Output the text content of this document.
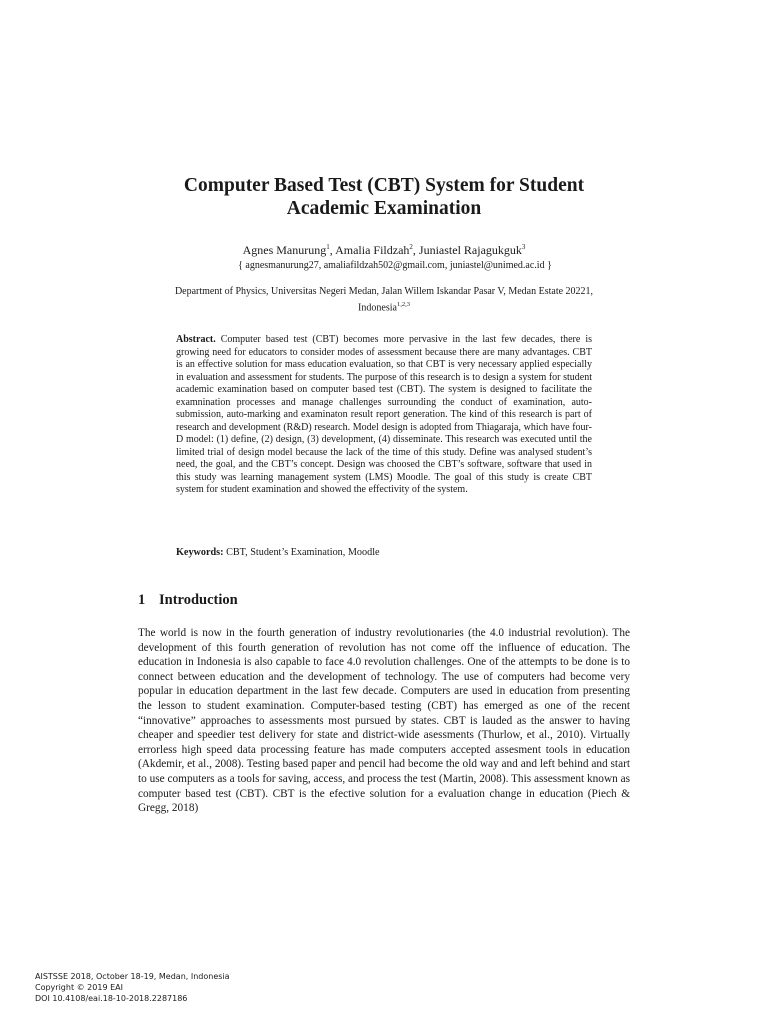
Computer Based Test (CBT) System for Student Academic Examination
Agnes Manurung$^1$, Amalia Fildzah$^2$, Juniastel Rajagukguk$^3$
{ agnesmanurung27, amaliafildzah502@gmail.com, juniastel@unimed.ac.id }
Department of Physics, Universitas Negeri Medan, Jalan Willem Iskandar Pasar V, Medan Estate 20221, Indonesia$^{1,2,3}$
Abstract. Computer based test (CBT) becomes more pervasive in the last few decades, there is growing need for educators to consider modes of assessment because there are many advantages. CBT is an effective solution for mass education evaluation, so that CBT is very necessary applied especially in evaluation and assessment for students. The purpose of this research is to design a system for student academic examination based on computer based test (CBT). The system is designed to facilitate the examnination processes and manage challenges surrounding the conduct of examination, auto-submission, auto-marking and examinaton result report generation. The kind of this research is part of research and development (R&D) research. Model design is adopted from Thiagaraja, which have four-D model: (1) define, (2) design, (3) development, (4) disseminate. This research was executed until the limited trial of design model because the lack of the time of this study. Define was analysed student’s need, the goal, and the CBT’s concept. Design was choosed the CBT’s software, software that used in this study was learning management system (LMS) Moodle. The goal of this study is create CBT system for student examination and showed the effectivity of the system.
Keywords: CBT, Student’s Examination, Moodle
1 Introduction
The world is now in the fourth generation of industry revolutionaries (the 4.0 industrial revolution). The development of this fourth generation of revolution has not come off the influence of education. The education in Indonesia is also capable to face 4.0 revolution challenges. One of the attempts to be done is to connect between education and the development of technology. The use of computers had become very popular in education department in the last few decade. Computers are used in education from presenting the lesson to student examination. Computer-based testing (CBT) has emerged as one of the recent “innovative” approaches to assessments most pursued by states. CBT is lauded as the answer to having cheaper and speedier test delivery for state and district-wide asessments (Thurlow, et al., 2010). Virtually errorless high speed data processing feature has made computers accepted assesment tools in education (Akdemir, et al., 2008). Testing based paper and pencil had become the old way and and left behind and start to use computers as a tools for saving, access, and process the test (Martin, 2008). This assessment known as computer based test (CBT). CBT is the efective solution for a evaluation change in education (Piech & Gregg, 2018)
AISTSSE 2018, October 18-19, Medan, Indonesia
Copyright © 2019 EAI
DOI 10.4108/eai.18-10-2018.2287186
